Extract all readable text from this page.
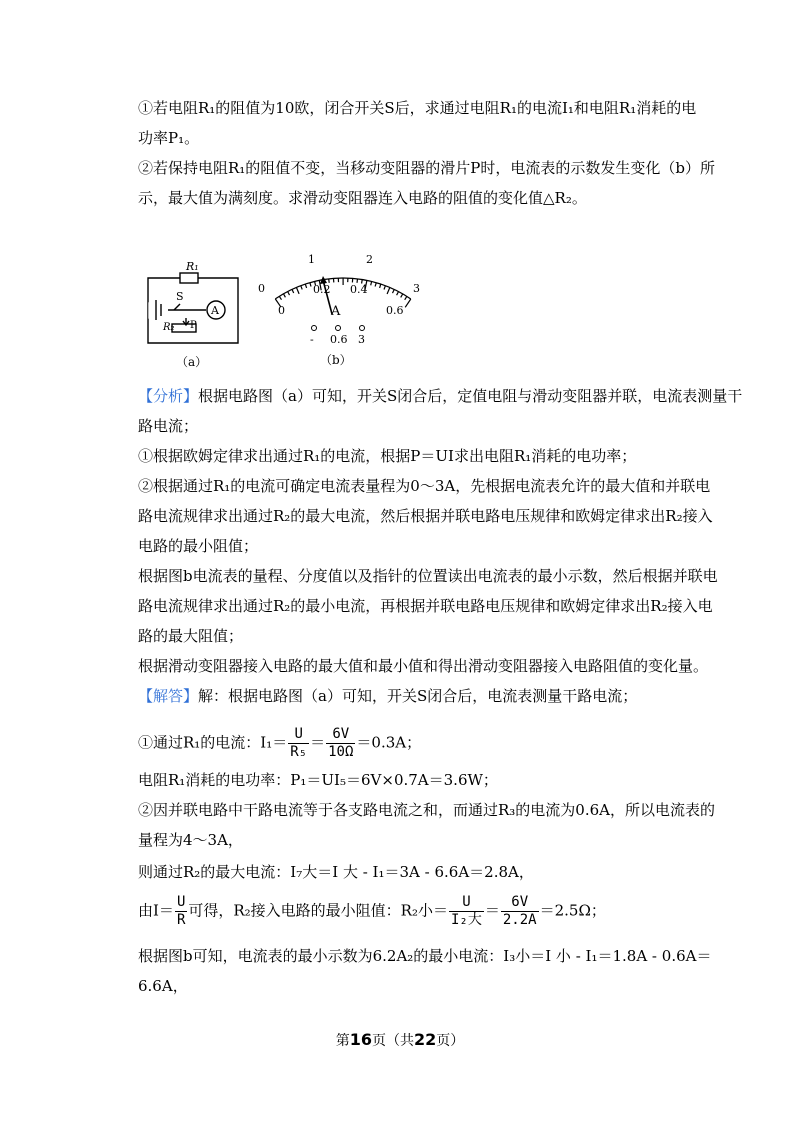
①若电阻R₁的阻值为10欧，闭合开关S后，求通过电阻R₁的电流I₁和电阻R₁消耗的电
功率P₁。
②若保持电阻R₁的阻值不变，当移动变阻器的滑片P时，电流表的示数发生变化（b）所
示，最大值为满刻度。求滑动变阻器连入电路的阻值的变化值△R₂。
R₁
S
A
R₂ P
（a）
0
1	2
3
0
0.2 0.4
0.6
A
- 0.6 3
（b）
【分析】根据电路图（a）可知，开关S闭合后，定值电阻与滑动变阻器并联，电流表测量干
路电流；
①根据欧姆定律求出通过R₁的电流，根据P＝UI求出电阻R₁消耗的电功率；
②根据通过R₁的电流可确定电流表量程为0～3A，先根据电流表允许的最大值和并联电
路电流规律求出通过R₂的最大电流，然后根据并联电路电压规律和欧姆定律求出R₂接入
电路的最小阻值；
根据图b电流表的量程、分度值以及指针的位置读出电流表的最小示数，然后根据并联电
路电流规律求出通过R₂的最小电流，再根据并联电路电压规律和欧姆定律求出R₂接入电
路的最大阻值；
根据滑动变阻器接入电路的最大值和最小值和得出滑动变阻器接入电路阻值的变化量。
【解答】解：根据电路图（a）可知，开关S闭合后，电流表测量干路电流；
①通过R₁的电流：$I_1= \frac{U}{\text{R₅}} = \frac{6V}{10\Omega} =0.3A$；
电阻R₁消耗的电功率：P₁＝UI₅＝6V×0.7A＝3.6W；
②因并联电路中干路电流等于各支路电流之和，而通过R₃的电流为0.6A，所以电流表的
量程为4～3A，
则通过R₂的最大电流：I₇大＝I 大 - I₁＝3A - 6.6A＝2.8A，
由$I= \frac{U}{R}$ 可得，R₂接入电路的最小阻值：R₂小＝ $\frac{U}{\text{I₂大}} = \frac{6V}{2.2A} =2.5\Omega$；
根据图b可知，电流表的最小示数为6.2A₂的最小电流：I₃小＝I 小 - I₁＝1.8A - 0.6A＝
6.6A，
第16页（共22页）
